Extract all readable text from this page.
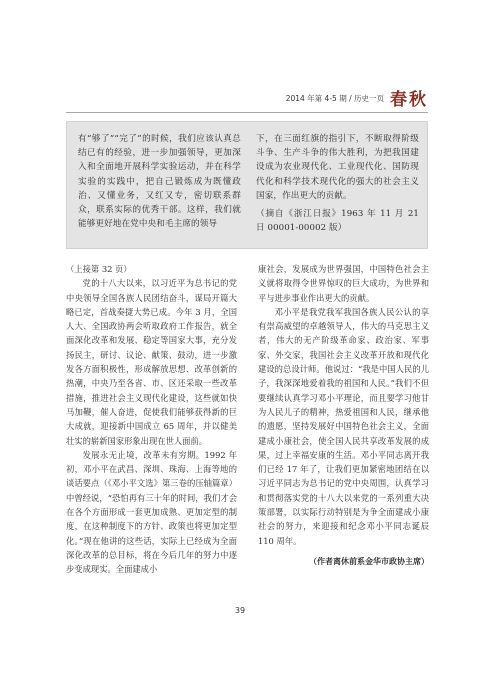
2014 年第 4-5 期 / 历史一页 春秋
有“够了”“完了”的时候，我们应该认真总结已有的经验，进一步加强领导，更加深入和全面地开展科学实验运动，并在科学实验的实践中，把自己锻炼成为既懂政治、又懂业务，又红又专，密切联系群众，联系实际的优秀干部。这样，我们就能够更好地在党中央和毛主席的领导
下，在三面红旗的指引下，不断取得阶级斗争、生产斗争的伟大胜利，为把我国建设成为农业现代化、工业现代化、国防现代化和科学技术现代化的强大的社会主义国家，作出更大的贡献。
（摘自《浙江日报》1963 年 11 月 21 日 00001-00002 版）

（上接第 32 页）

党的十八大以来，以习近平为总书记的党中央领导全国各族人民团结奋斗，谋局开篇大略已定，首战奏捷大势已成。今年 3 月，全国人大、全国政协两会听取政府工作报告，就全面深化改革和发展、稳定等国家大事，充分发扬民主，研讨、议论、献策、鼓动，进一步激发各方面积极性，形成解放思想、改革创新的热潮，中央乃至各省、市、区还采取一些改革措施，推进社会主义现代化建设，这些就如快马加鞭，催人奋进，促使我们能够获得新的巨大成就，迎接新中国成立 65 周年，并以健美壮实的崭新国家形象出现在世人面前。

发展永无止境，改革未有穷期。1992 年初，邓小平在武昌、深圳、珠海、上海等地的谈话要点（《邓小平文选》第三卷的压轴篇章）中曾经说，“恐怕再有三十年的时间，我们才会在各个方面形成一套更加成熟、更加定型的制度，在这种制度下的方针、政策也将更加定型化。”现在他讲的这些话，实际上已经成为全面深化改革的总目标，将在今后几年的努力中逐步变成现实。全面建成小

康社会，发展成为世界强国，中国特色社会主义就将取得令世界惊叹的巨大成功，为世界和平与进步事业作出更大的贡献。

邓小平是我党我军我国各族人民公认的享有崇高威望的卓越领导人，伟大的马克思主义者，伟大的无产阶级革命家、政治家、军事家、外交家，我国社会主义改革开放和现代化建设的总设计师。他说过：“我是中国人民的儿子，我深深地爱着我的祖国和人民。”我们不但要继续认真学习邓小平理论，而且要学习他甘为人民儿子的精神，热爱祖国和人民，继承他的遗愿，坚持发展好中国特色社会主义，全面建成小康社会，使全国人民共享改革发展的成果，过上幸福安康的生活。邓小平同志离开我们已经 17 年了，让我们更加紧密地团结在以习近平同志为总书记的党中央周围，认真学习和贯彻落实党的十八大以来党的一系列重大决策部署，以实际行动特别是为争全面建成小康社会的努力，来迎接和纪念邓小平同志诞辰 110 周年。

（作者离休前系金华市政协主席）
39
